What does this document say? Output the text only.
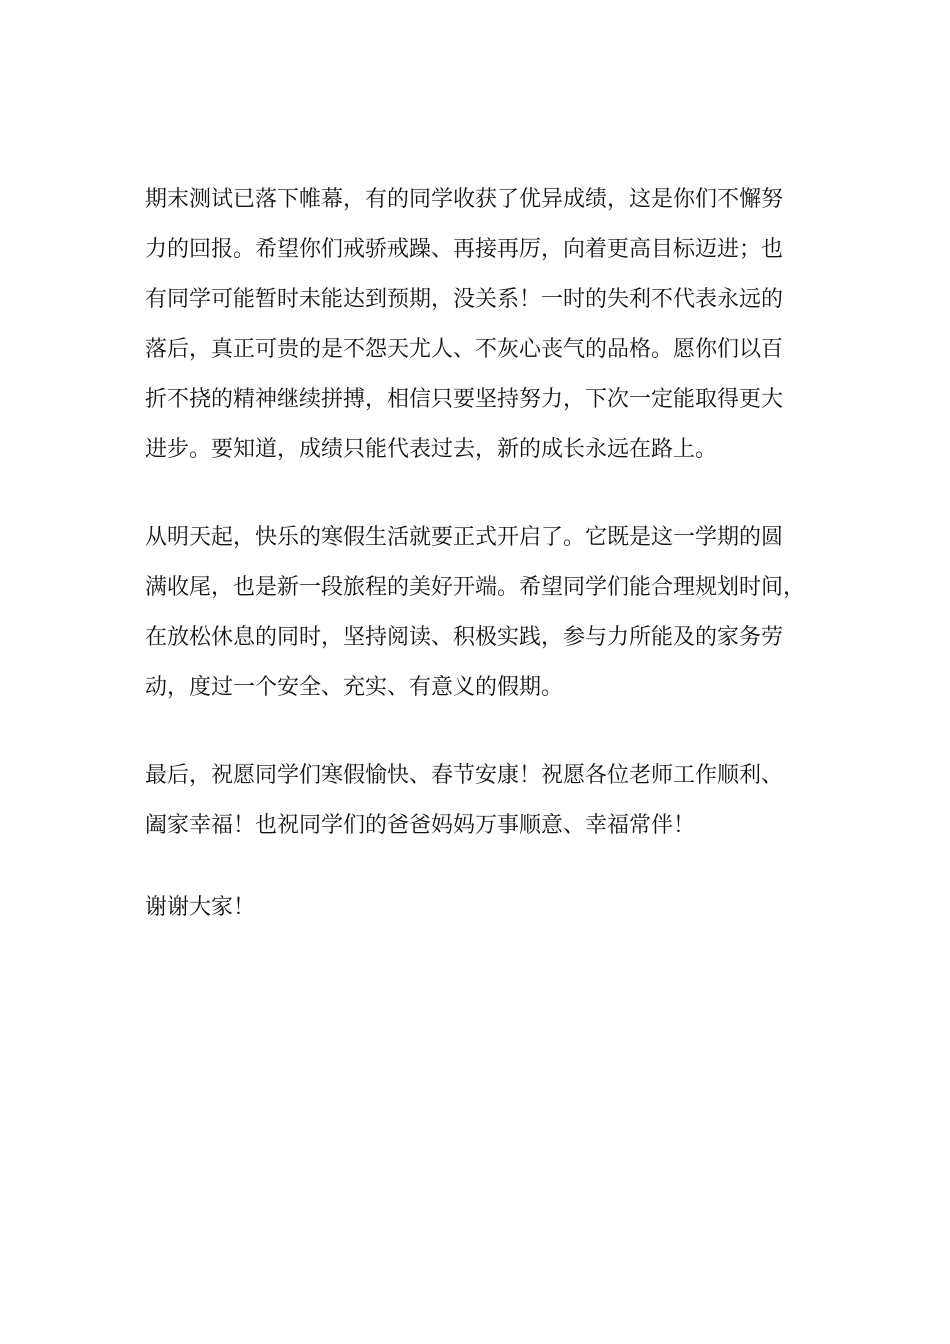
期末测试已落下帷幕，有的同学收获了优异成绩，这是你们不懈努
力的回报。希望你们戒骄戒躁、再接再厉，向着更高目标迈进；也
有同学可能暂时未能达到预期，没关系！一时的失利不代表永远的
落后，真正可贵的是不怨天尤人、不灰心丧气的品格。愿你们以百
折不挠的精神继续拼搏，相信只要坚持努力，下次一定能取得更大
进步。要知道，成绩只能代表过去，新的成长永远在路上。
从明天起，快乐的寒假生活就要正式开启了。它既是这一学期的圆
满收尾，也是新一段旅程的美好开端。希望同学们能合理规划时间，
在放松休息的同时，坚持阅读、积极实践，参与力所能及的家务劳
动，度过一个安全、充实、有意义的假期。
最后，祝愿同学们寒假愉快、春节安康！祝愿各位老师工作顺利、
阖家幸福！也祝同学们的爸爸妈妈万事顺意、幸福常伴！
谢谢大家！
